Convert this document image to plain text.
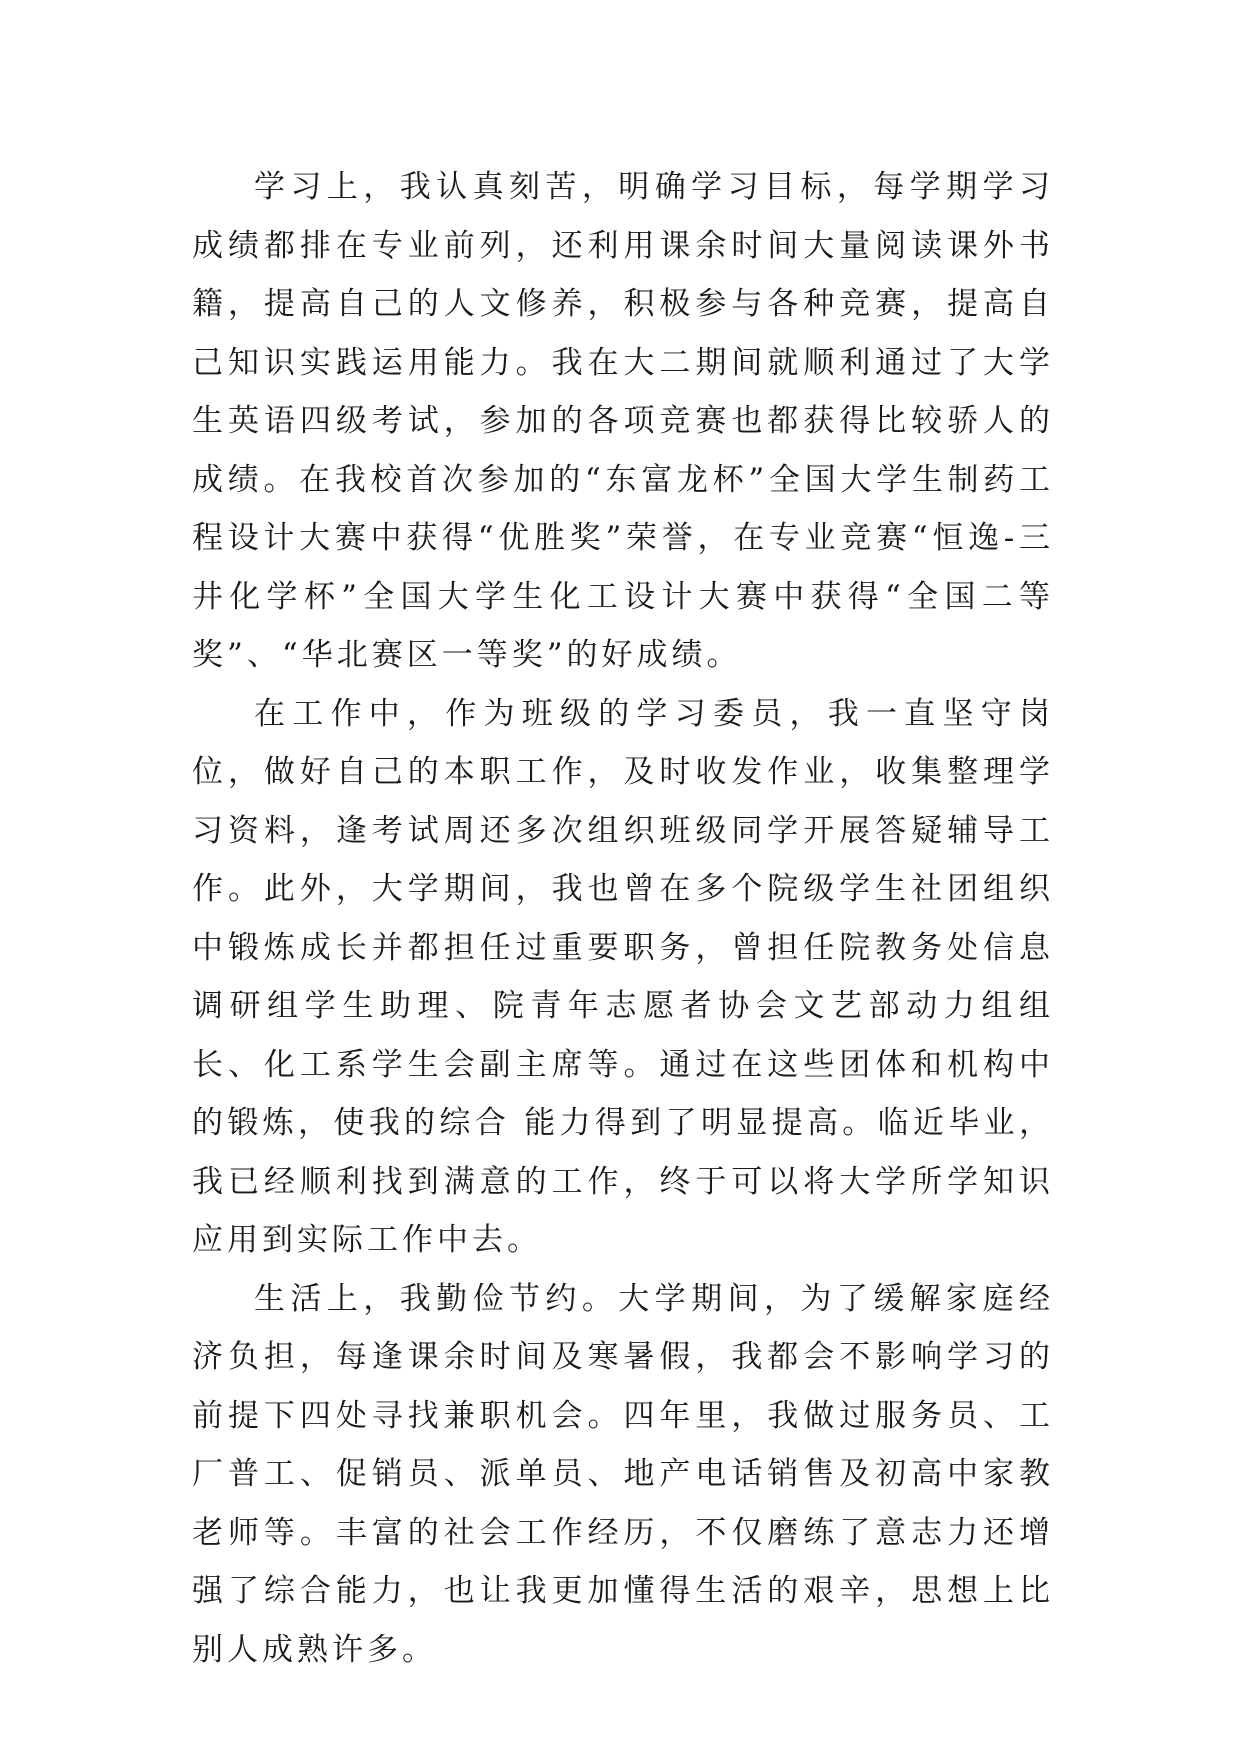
学习上，我认真刻苦，明确学习目标，每学期学习成绩都排在专业前列，还利用课余时间大量阅读课外书籍，提高自己的人文修养，积极参与各种竞赛，提高自己知识实践运用能力。我在大二期间就顺利通过了大学生英语四级考试，参加的各项竞赛也都获得比较骄人的成绩。在我校首次参加的“东富龙杯”全国大学生制药工程设计大赛中获得“优胜奖”荣誉，在专业竞赛“恒逸-三井化学杯”全国大学生化工设计大赛中获得“全国二等奖”、“华北赛区一等奖”的好成绩。

在工作中，作为班级的学习委员，我一直坚守岗位，做好自己的本职工作，及时收发作业，收集整理学习资料，逢考试周还多次组织班级同学开展答疑辅导工作。此外，大学期间，我也曾在多个院级学生社团组织中锻炼成长并都担任过重要职务，曾担任院教务处信息调研组学生助理、院青年志愿者协会文艺部动力组组长、化工系学生会副主席等。通过在这些团体和机构中的锻炼，使我的综合 能力得到了明显提高。临近毕业，我已经顺利找到满意的工作，终于可以将大学所学知识应用到实际工作中去。

生活上，我勤俭节约。大学期间，为了缓解家庭经济负担，每逢课余时间及寒暑假，我都会不影响学习的前提下四处寻找兼职机会。四年里，我做过服务员、工厂普工、促销员、派单员、地产电话销售及初高中家教老师等。丰富的社会工作经历，不仅磨练了意志力还增强了综合能力，也让我更加懂得生活的艰辛，思想上比别人成熟许多。
